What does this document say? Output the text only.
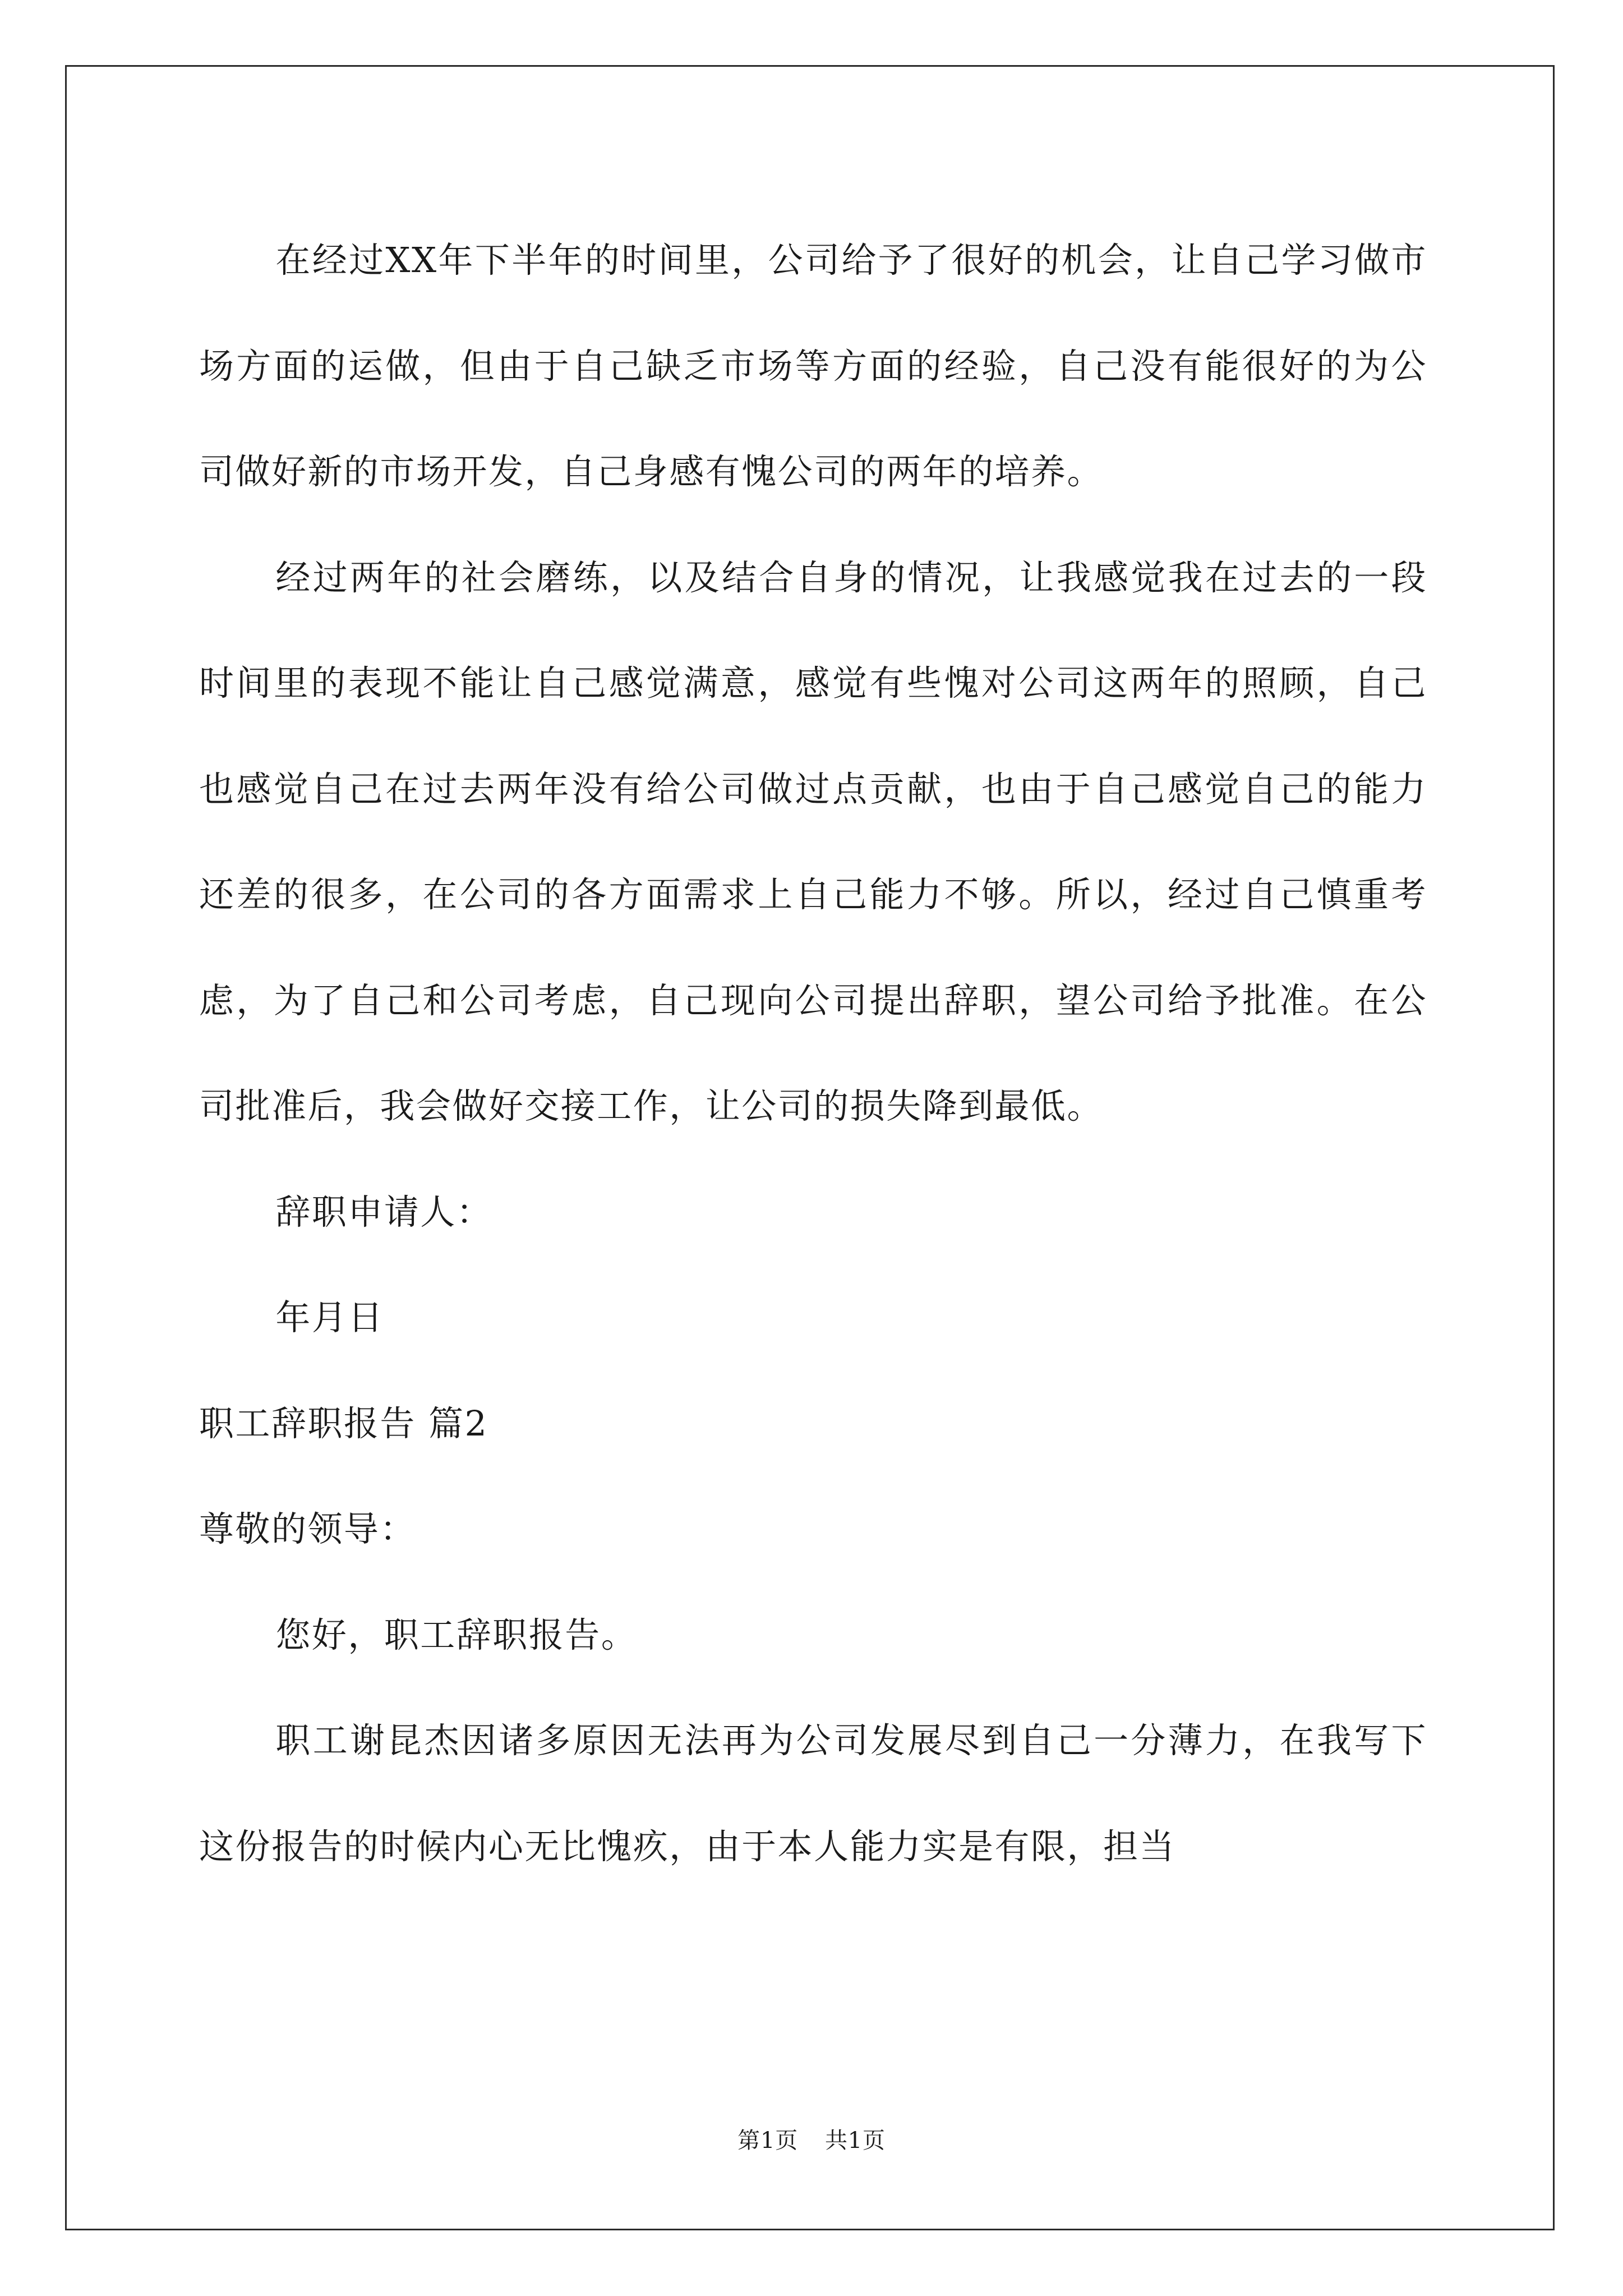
在经过XX年下半年的时间里，公司给予了很好的机会，让自己学习做市场方面的运做，但由于自己缺乏市场等方面的经验，自己没有能很好的为公司做好新的市场开发，自己身感有愧公司的两年的培养。

经过两年的社会磨练，以及结合自身的情况，让我感觉我在过去的一段时间里的表现不能让自己感觉满意，感觉有些愧对公司这两年的照顾，自己也感觉自己在过去两年没有给公司做过点贡献，也由于自己感觉自己的能力还差的很多，在公司的各方面需求上自己能力不够。所以，经过自己慎重考虑，为了自己和公司考虑，自己现向公司提出辞职，望公司给予批准。在公司批准后，我会做好交接工作，让公司的损失降到最低。

辞职申请人：

年月日

职工辞职报告 篇2

尊敬的领导：

您好，职工辞职报告。

职工谢昆杰因诸多原因无法再为公司发展尽到自己一分薄力，在我写下这份报告的时候内心无比愧疚，由于本人能力实是有限，担当

第1页 共1页
